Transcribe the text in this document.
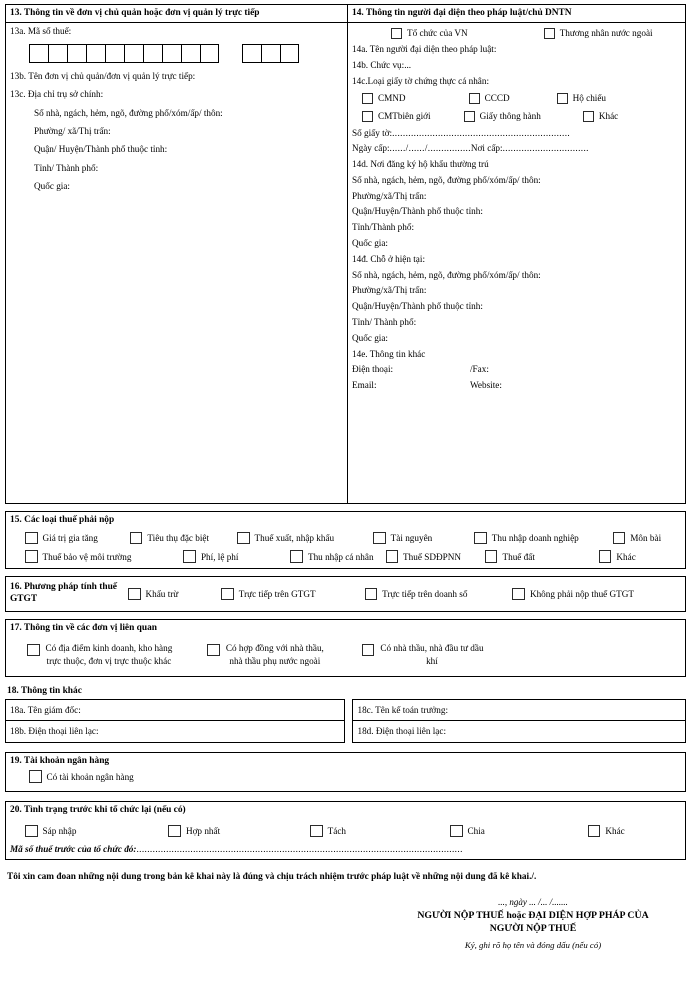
13. Thông tin về đơn vị chủ quản hoặc đơn vị quản lý trực tiếp
13a. Mã số thuế:
13b. Tên đơn vị chủ quản/đơn vị quản lý trực tiếp:
13c. Địa chỉ trụ sở chính:
Số nhà, ngách, hẻm, ngõ, đường phố/xóm/ấp/ thôn:
Phường/ xã/Thị trấn:
Quận/ Huyện/Thành phố thuộc tỉnh:
Tỉnh/ Thành phố:
Quốc gia:
14. Thông tin người đại diện theo pháp luật/chủ DNTN
Tổ chức của VN	Thương nhân nước ngoài
14a. Tên người đại diện theo pháp luật:
14b. Chức vụ:...
14c.Loại giấy tờ chứng thực cá nhân:
CMND	CCCD	Hộ chiếu
CMTbiên giới	Giấy thông hành	Khác
Số giấy tờ:..................................................................
Ngày cấp:....../....../................Nơi cấp:................................
14d. Nơi đăng ký hộ khẩu thường trú
Số nhà, ngách, hẻm, ngõ, đường phố/xóm/ấp/ thôn:
Phường/xã/Thị trấn:
Quận/Huyện/Thành phố thuộc tỉnh:
Tỉnh/Thành phố:
Quốc gia:
14đ. Chỗ ở hiện tại:
Số nhà, ngách, hẻm, ngõ, đường phố/xóm/ấp/ thôn:
Phường/xã/Thị trấn:
Quận/Huyện/Thành phố thuộc tỉnh:
Tỉnh/ Thành phố:
Quốc gia:
14e. Thông tin khác
Điện thoại:	/Fax:
Email:	Website:
15. Các loại thuế phải nộp
Giá trị gia tăng	Tiêu thụ đặc biệt	Thuế xuất, nhập khẩu	Tài nguyên	Thu nhập doanh nghiệp	Môn bài
Thuế bảo vệ môi trường	Phí, lệ phí	Thu nhập cá nhân	Thuế SDĐPNN	Thuế đất	Khác
16. Phương pháp tính thuế GTGT	Khấu trừ	Trực tiếp trên GTGT	Trực tiếp trên doanh số	Không phải nộp thuế GTGT
17. Thông tin về các đơn vị liên quan
Có địa điểm kinh doanh, kho hàng
trực thuộc, đơn vị trực thuộc khác
Có hợp đồng với nhà thầu,
nhà thầu phụ nước ngoài
Có nhà thầu, nhà đầu tư dầu
khí
18. Thông tin khác
18a. Tên giám đốc:
18b. Điện thoại liên lạc:
18c. Tên kế toán trưởng:
18d. Điện thoại liên lạc:
19. Tài khoản ngân hàng
Có tài khoản ngân hàng
20. Tình trạng trước khi tổ chức lại (nếu có)
Sáp nhập	Hợp nhất	Tách	Chia	Khác
Mã số thuế trước của tổ chức đó:.........................................................................................................................
Tôi xin cam đoan những nội dung trong bản kê khai này là đúng và chịu trách nhiệm trước pháp luật về những nội dung đã kê khai./.
..., ngày ... /... /.......
NGƯỜI NỘP THUẾ hoặc ĐẠI DIỆN HỢP PHÁP CỦA
NGƯỜI NỘP THUẾ
Ký, ghi rõ họ tên và đóng dấu (nếu có)
